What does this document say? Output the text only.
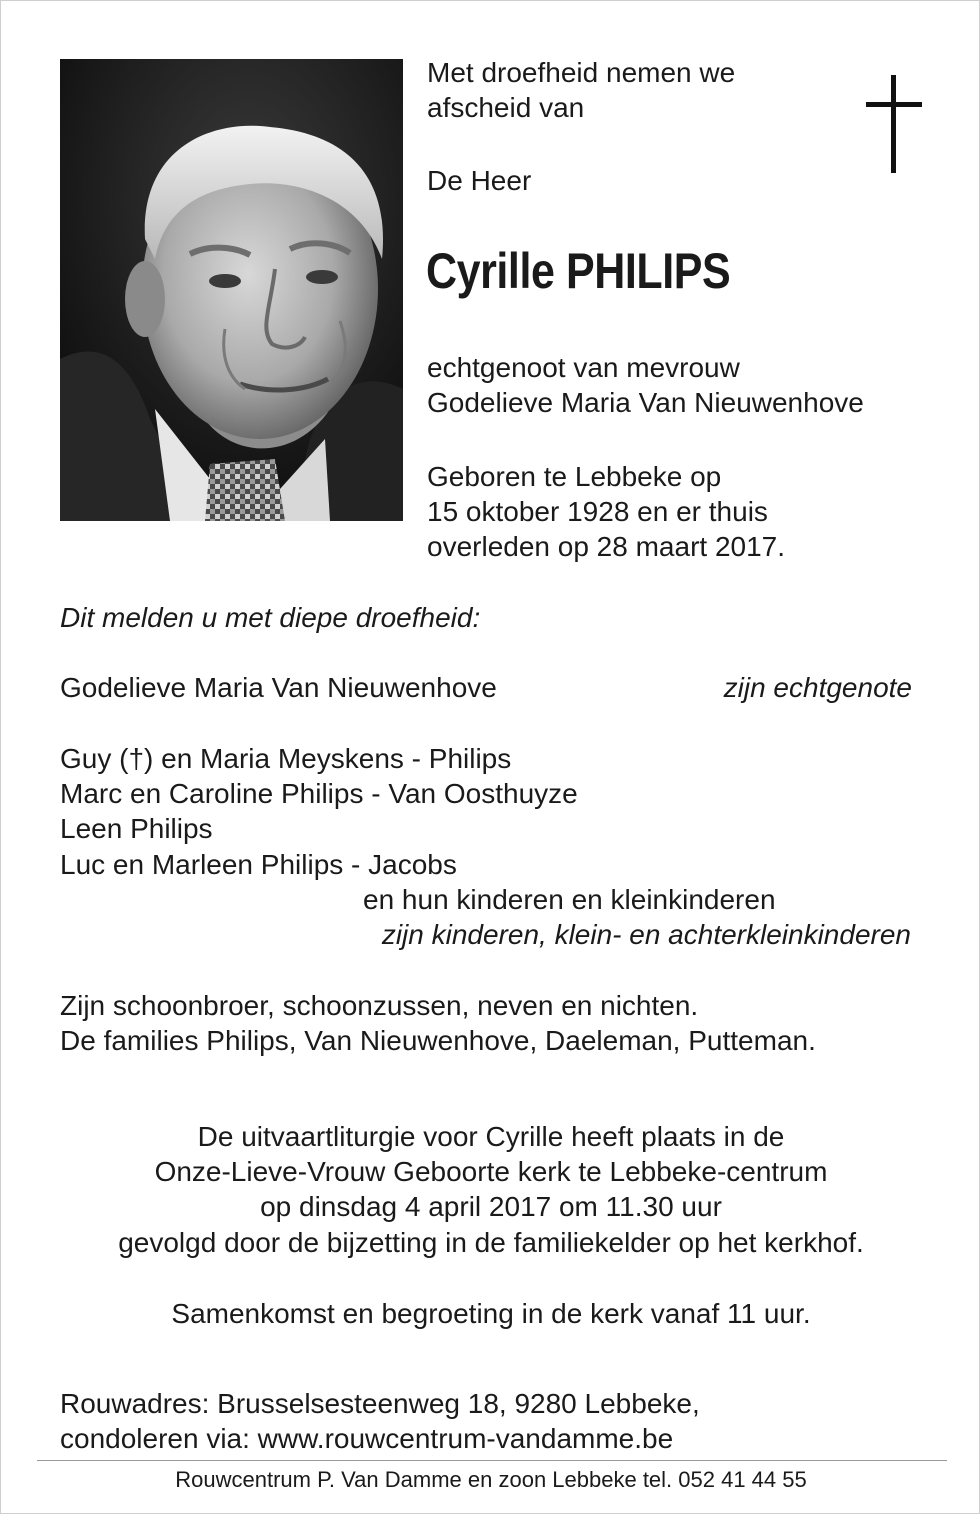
Met droefheid nemen we
afscheid van
De Heer
Cyrille PHILIPS
echtgenoot van mevrouw
Godelieve Maria Van Nieuwenhove
Geboren te Lebbeke op
15 oktober 1928 en er thuis
overleden op 28 maart 2017.
Dit melden u met diepe droefheid:
Godelieve Maria Van Nieuwenhove	zijn echtgenote
Guy (†) en Maria Meyskens - Philips
Marc en Caroline Philips - Van Oosthuyze
Leen Philips
Luc en Marleen Philips - Jacobs
en hun kinderen en kleinkinderen
zijn kinderen, klein- en achterkleinkinderen
Zijn schoonbroer, schoonzussen, neven en nichten.
De families Philips, Van Nieuwenhove, Daeleman, Putteman.
De uitvaartliturgie voor Cyrille heeft plaats in de
Onze-Lieve-Vrouw Geboorte kerk te Lebbeke-centrum
op dinsdag 4 april 2017 om 11.30 uur
gevolgd door de bijzetting in de familiekelder op het kerkhof.
Samenkomst en begroeting in de kerk vanaf 11 uur.
Rouwadres: Brusselsesteenweg 18, 9280 Lebbeke,
condoleren via: www.rouwcentrum-vandamme.be
Rouwcentrum P. Van Damme en zoon Lebbeke tel. 052 41 44 55
